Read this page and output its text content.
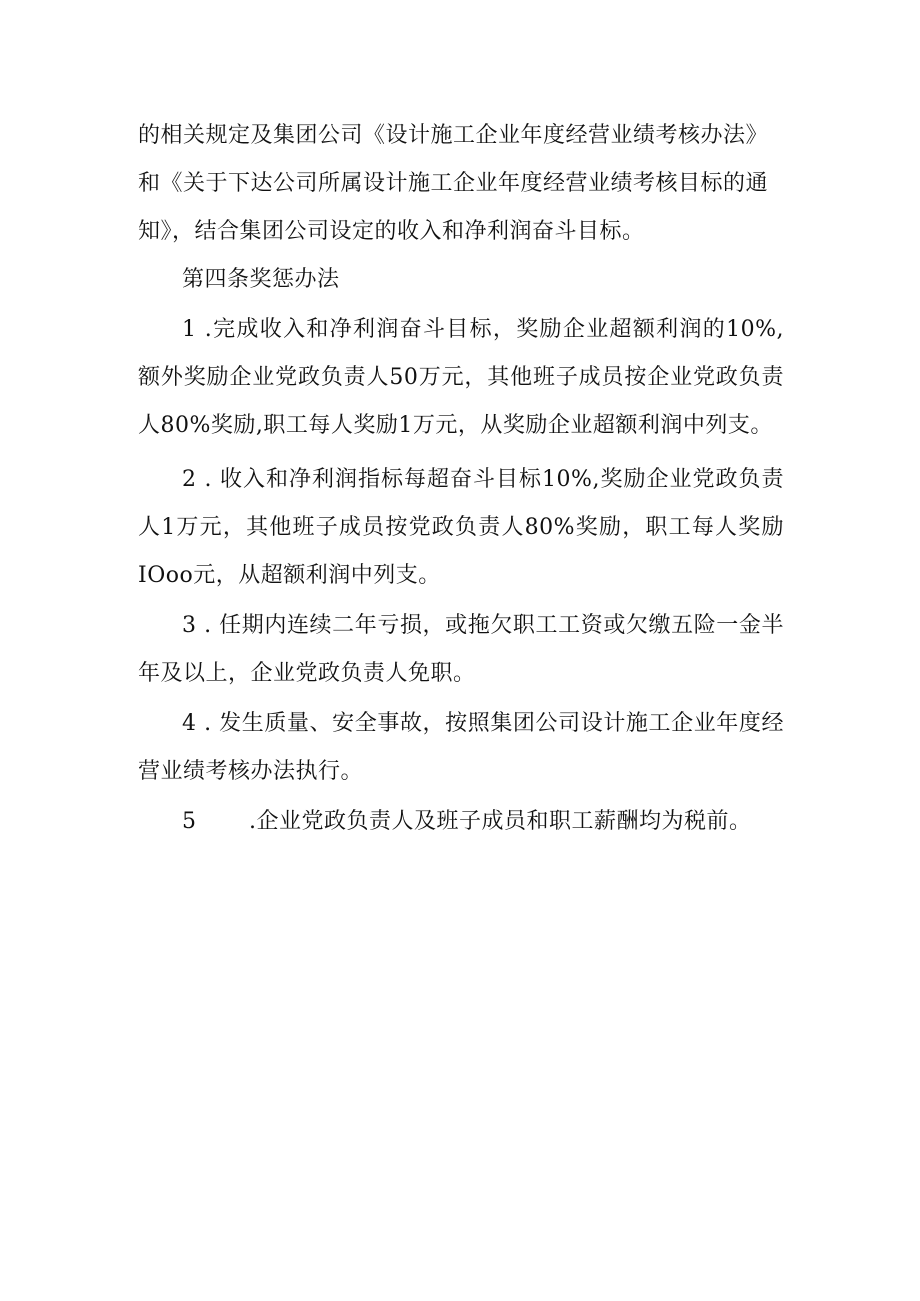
的相关规定及集团公司《设计施工企业年度经营业绩考核办法》

和《关于下达公司所属设计施工企业年度经营业绩考核目标的通

知》，结合集团公司设定的收入和净利润奋斗目标。

第四条奖惩办法

1 .完成收入和净利润奋斗目标，奖励企业超额利润的10%,额外奖励企业党政负责人50万元，其他班子成员按企业党政负责人80%奖励,职工每人奖励1万元，从奖励企业超额利润中列支。

2 . 收入和净利润指标每超奋斗目标10%,奖励企业党政负责人1万元，其他班子成员按党政负责人80%奖励，职工每人奖励IOoo元，从超额利润中列支。

3 . 任期内连续二年亏损，或拖欠职工工资或欠缴五险一金半年及以上，企业党政负责人免职。

4 . 发生质量、安全事故，按照集团公司设计施工企业年度经营业绩考核办法执行。

5       .企业党政负责人及班子成员和职工薪酬均为税前。
